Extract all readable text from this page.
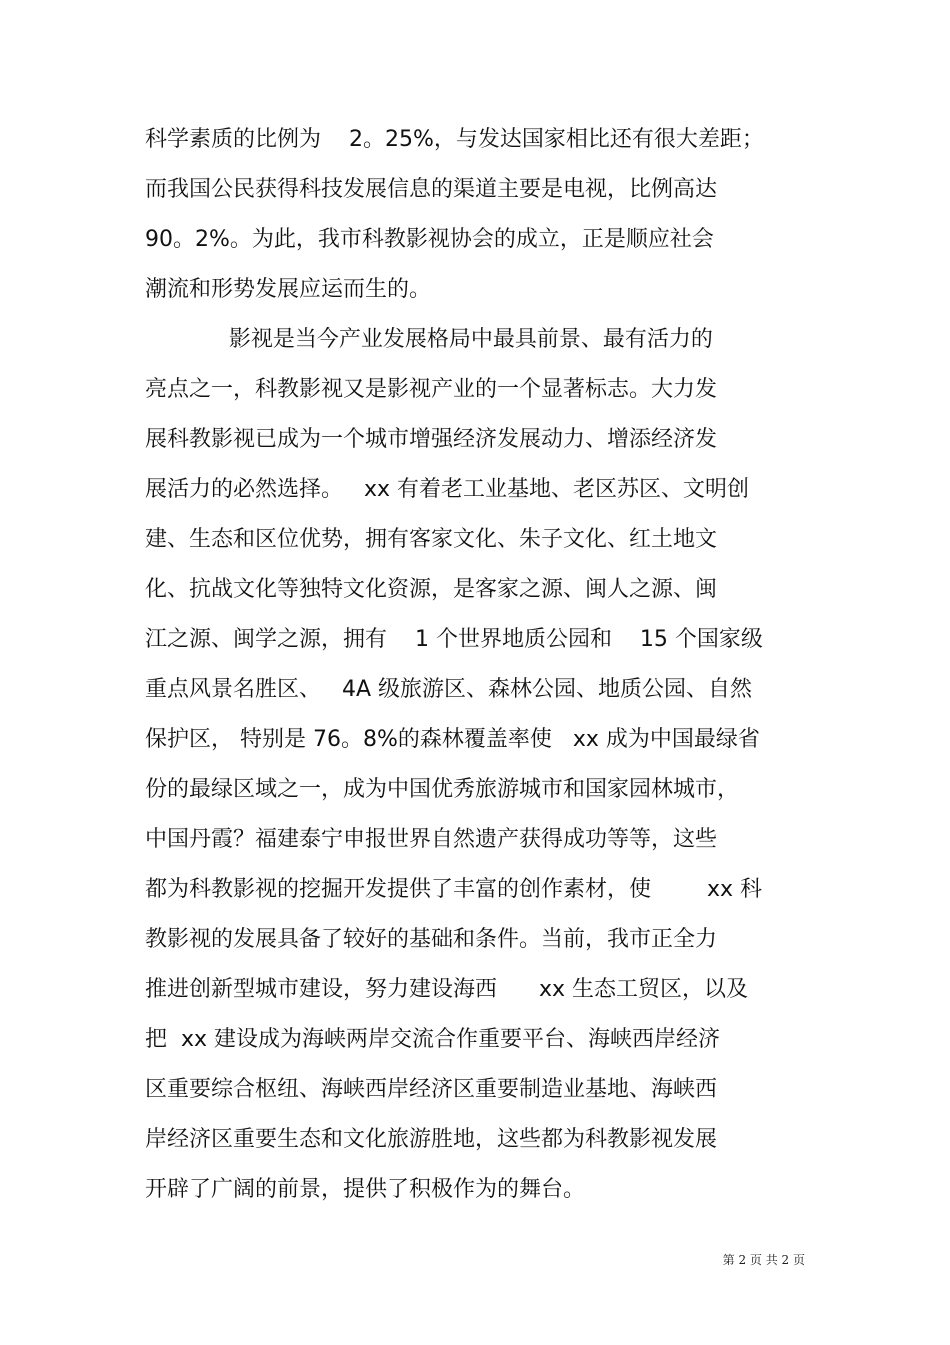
科学素质的比例为    2。25%，与发达国家相比还有很大差距；
而我国公民获得科技发展信息的渠道主要是电视，比例高达
90。2%。为此，我市科教影视协会的成立，正是顺应社会
潮流和形势发展应运而生的。
影视是当今产业发展格局中最具前景、最有活力的
亮点之一，科教影视又是影视产业的一个显著标志。大力发
展科教影视已成为一个城市增强经济发展动力、增添经济发
展活力的必然选择。   xx 有着老工业基地、老区苏区、文明创
建、生态和区位优势，拥有客家文化、朱子文化、红土地文
化、抗战文化等独特文化资源，是客家之源、闽人之源、闽
江之源、闽学之源，拥有    1 个世界地质公园和    15 个国家级
重点风景名胜区、   4A 级旅游区、森林公园、地质公园、自然
保护区， 特别是 76。8%的森林覆盖率使   xx 成为中国最绿省
份的最绿区域之一，成为中国优秀旅游城市和国家园林城市，
中国丹霞？福建泰宁申报世界自然遗产获得成功等等，这些
都为科教影视的挖掘开发提供了丰富的创作素材，使        xx 科
教影视的发展具备了较好的基础和条件。当前，我市正全力
推进创新型城市建设，努力建设海西      xx 生态工贸区，以及
把  xx 建设成为海峡两岸交流合作重要平台、海峡西岸经济
区重要综合枢纽、海峡西岸经济区重要制造业基地、海峡西
岸经济区重要生态和文化旅游胜地，这些都为科教影视发展
开辟了广阔的前景，提供了积极作为的舞台。
第 2 页 共 2 页
